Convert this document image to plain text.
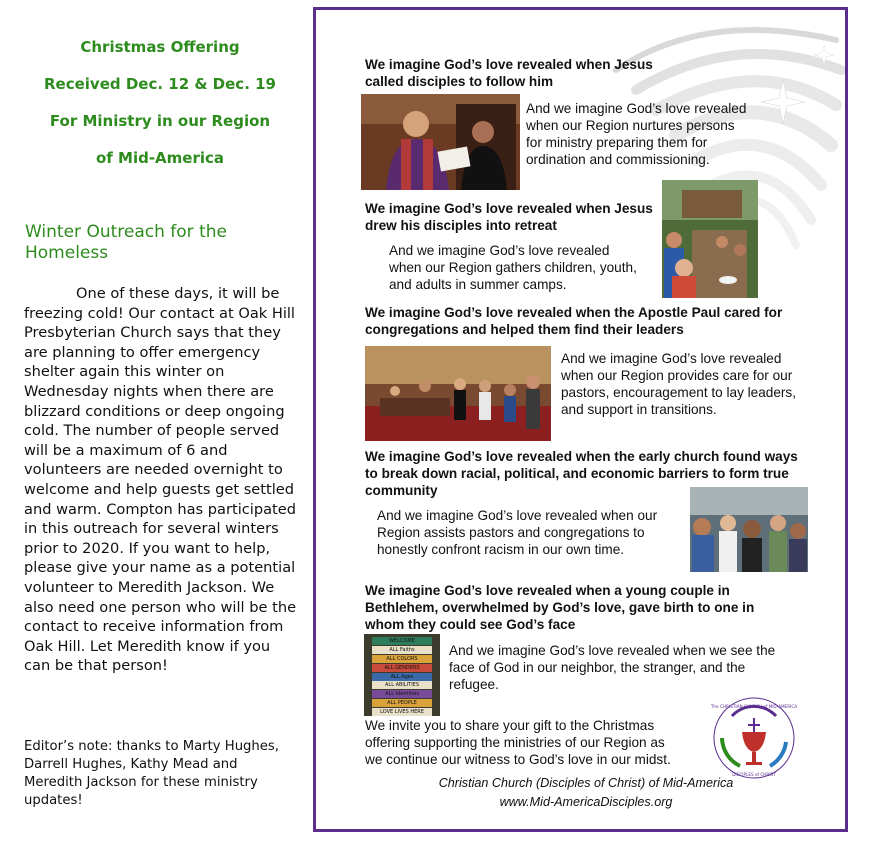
Christmas Offering
Received Dec. 12 & Dec. 19
For Ministry in our Region
of Mid-America
Winter Outreach for the Homeless
One of these days, it will be freezing cold! Our contact at Oak Hill Presbyterian Church says that they are planning to offer emergency shelter again this winter on Wednesday nights when there are blizzard conditions or deep ongoing cold. The number of people served will be a maximum of 6 and volunteers are needed overnight to welcome and help guests get settled and warm. Compton has participated in this outreach for several winters prior to 2020. If you want to help, please give your name as a potential volunteer to Meredith Jackson. We also need one person who will be the contact to receive information from Oak Hill. Let Meredith know if you can be that person!
Editor’s note: thanks to Marty Hughes, Darrell Hughes, Kathy Mead and Meredith Jackson for these ministry updates!
We imagine God’s love revealed when Jesus called disciples to follow him
And we imagine God’s love revealed when our Region nurtures persons for ministry preparing them for ordination and commissioning.
We imagine God’s love revealed when Jesus drew his disciples into retreat
And we imagine God’s love revealed when our Region gathers children, youth, and adults in summer camps.
We imagine God’s love revealed when the Apostle Paul cared for congregations and helped them find their leaders
And we imagine God’s love revealed when our Region provides care for our pastors, encouragement to lay leaders, and support in transitions.
We imagine God’s love revealed when the early church found ways to break down racial, political, and economic barriers to form true community
And we imagine God’s love revealed when our Region assists pastors and congregations to honestly confront racism in our own time.
We imagine God’s love revealed when a young couple in Bethlehem, overwhelmed by God’s love, gave birth to one in whom they could see God’s face
WELCOME
ALL Faiths
ALL COLORS
ALL GENDERS
ALL Ages
ALL ABILITIES
ALL Identities
ALL PEOPLE
LOVE LIVES HERE
And we imagine God’s love revealed when we see the face of God in our neighbor, the stranger, and the refugee.
We invite you to share your gift to the Christmas offering supporting the ministries of our Region as we continue our witness to God’s love in our midst.
The CHRISTIAN CHURCH of MID-AMERICA
DISCIPLES of CHRIST
Christian Church (Disciples of Christ) of Mid-America
www.Mid-AmericaDisciples.org
